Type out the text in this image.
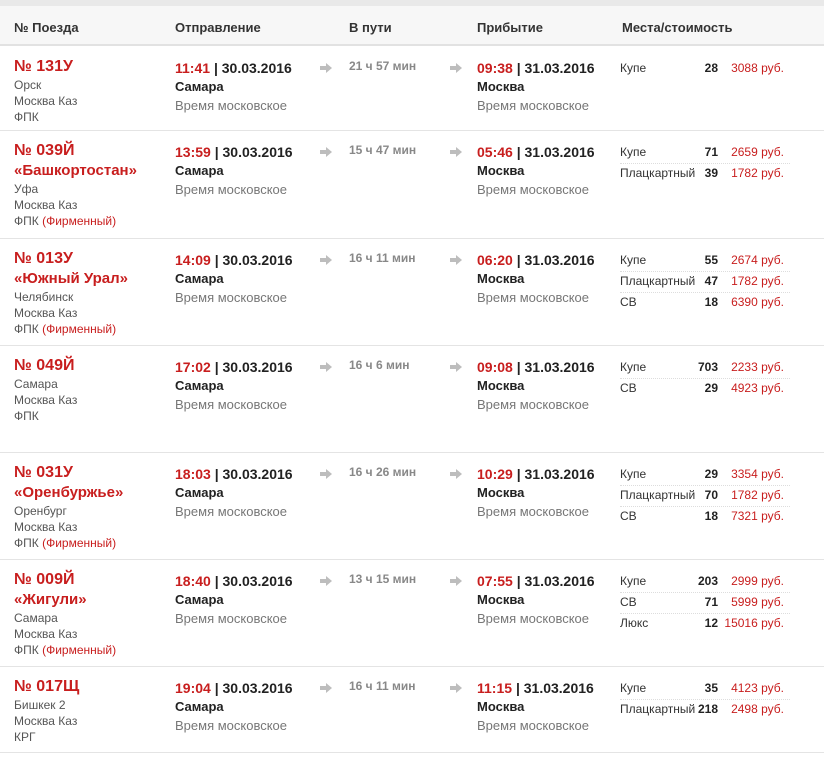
№ Поезда	Отправление	В пути	Прибытие	Места/стоимость
№ 131У
Орск
Москва Каз
ФПК
11:41 | 30.03.2016
Самара
Время московское
21 ч 57 мин	09:38 | 31.03.2016
Москва
Время московское
Купе	28 3088 руб.
№ 039Й
«Башкортостан»
Уфа
Москва Каз
ФПК (Фирменный)
13:59 | 30.03.2016
Самара
Время московское
15 ч 47 мин	05:46 | 31.03.2016
Москва
Время московское
Купе	71 2659 руб.
Плацкартный 39 1782 руб.
№ 013У
«Южный Урал»
Челябинск
Москва Каз
ФПК (Фирменный)
14:09 | 30.03.2016
Самара
Время московское
16 ч 11 мин	06:20 | 31.03.2016
Москва
Время московское
Купе	55 2674 руб.
Плацкартный 47 1782 руб.
СВ	18 6390 руб.
№ 049Й
Самара
Москва Каз
ФПК
17:02 | 30.03.2016
Самара
Время московское
16 ч 6 мин	09:08 | 31.03.2016
Москва
Время московское
Купе	703 2233 руб.
СВ	29 4923 руб.
№ 031У
«Оренбуржье»
Оренбург
Москва Каз
ФПК (Фирменный)
18:03 | 30.03.2016
Самара
Время московское
16 ч 26 мин	10:29 | 31.03.2016
Москва
Время московское
Купе	29 3354 руб.
Плацкартный 70 1782 руб.
СВ	18 7321 руб.
№ 009Й
«Жигули»
Самара
Москва Каз
ФПК (Фирменный)
18:40 | 30.03.2016
Самара
Время московское
13 ч 15 мин	07:55 | 31.03.2016
Москва
Время московское
Купе	203 2999 руб.
СВ	71 5999 руб.
Люкс	12 15016 руб.
№ 017Щ
Бишкек 2
Москва Каз
КРГ
19:04 | 30.03.2016
Самара
Время московское
16 ч 11 мин	11:15 | 31.03.2016
Москва
Время московское
Купе	35 4123 руб.
Плацкартный 218 2498 руб.
